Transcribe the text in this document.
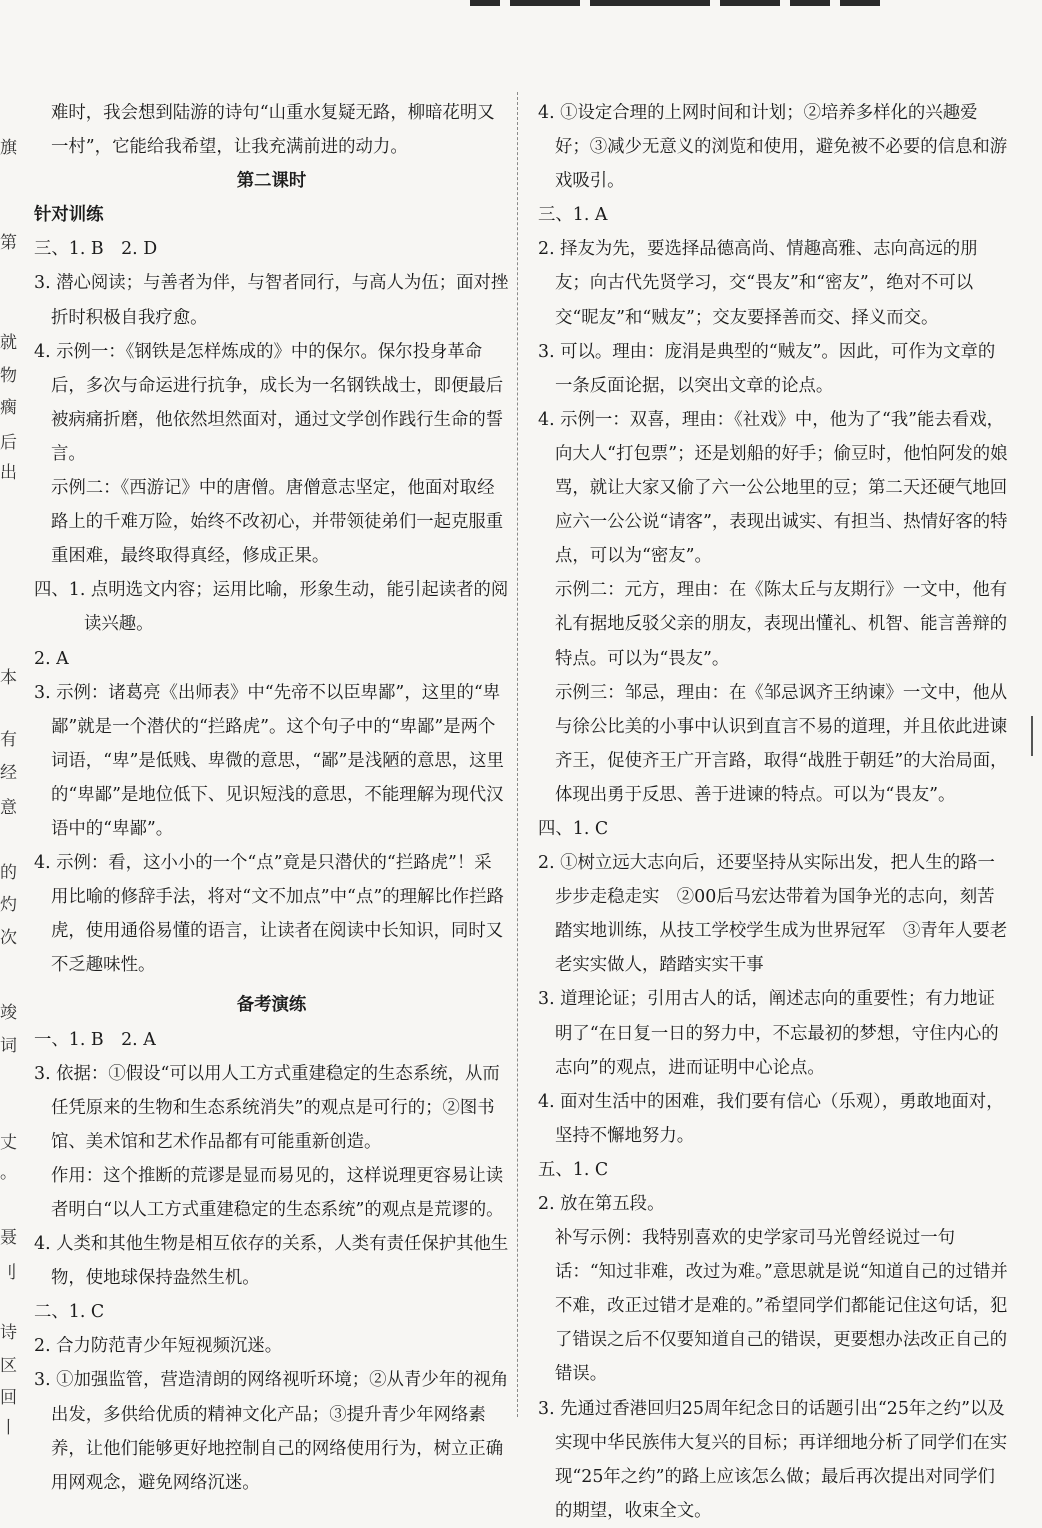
旗
第
就
物
瘸
后
出
本
有
经
意
的
灼
次
竣
词
丈
。
聂
刂
诗
区
回
丨

难时，我会想到陆游的诗句“山重水复疑无路，柳暗花明又一村”，它能给我希望，让我充满前进的动力。

第二课时

针对训练

三、1. B　2. D

3. 潜心阅读；与善者为伴，与智者同行，与高人为伍；面对挫折时积极自我疗愈。

4. 示例一：《钢铁是怎样炼成的》中的保尔。保尔投身革命后，多次与命运进行抗争，成长为一名钢铁战士，即便最后被病痛折磨，他依然坦然面对，通过文学创作践行生命的誓言。

示例二：《西游记》中的唐僧。唐僧意志坚定，他面对取经路上的千难万险，始终不改初心，并带领徒弟们一起克服重重困难，最终取得真经，修成正果。

四、1. 点明选文内容；运用比喻，形象生动，能引起读者的阅读兴趣。

2. A

3. 示例：诸葛亮《出师表》中“先帝不以臣卑鄙”，这里的“卑鄙”就是一个潜伏的“拦路虎”。这个句子中的“卑鄙”是两个词语，“卑”是低贱、卑微的意思，“鄙”是浅陋的意思，这里的“卑鄙”是地位低下、见识短浅的意思，不能理解为现代汉语中的“卑鄙”。

4. 示例：看，这小小的一个“点”竟是只潜伏的“拦路虎”！采用比喻的修辞手法，将对“文不加点”中“点”的理解比作拦路虎，使用通俗易懂的语言，让读者在阅读中长知识，同时又不乏趣味性。

备考演练

一、1. B　2. A

3. 依据：①假设“可以用人工方式重建稳定的生态系统，从而任凭原来的生物和生态系统消失”的观点是可行的；②图书馆、美术馆和艺术作品都有可能重新创造。

作用：这个推断的荒谬是显而易见的，这样说理更容易让读者明白“以人工方式重建稳定的生态系统”的观点是荒谬的。

4. 人类和其他生物是相互依存的关系，人类有责任保护其他生物，使地球保持盎然生机。

二、1. C

2. 合力防范青少年短视频沉迷。

3. ①加强监管，营造清朗的网络视听环境；②从青少年的视角出发，多供给优质的精神文化产品；③提升青少年网络素养，让他们能够更好地控制自己的网络使用行为，树立正确用网观念，避免网络沉迷。

4. ①设定合理的上网时间和计划；②培养多样化的兴趣爱好；③减少无意义的浏览和使用，避免被不必要的信息和游戏吸引。

三、1. A

2. 择友为先，要选择品德高尚、情趣高雅、志向高远的朋友；向古代先贤学习，交“畏友”和“密友”，绝对不可以交“昵友”和“贼友”；交友要择善而交、择义而交。

3. 可以。理由：庞涓是典型的“贼友”。因此，可作为文章的一条反面论据，以突出文章的论点。

4. 示例一：双喜，理由：《社戏》中，他为了“我”能去看戏，向大人“打包票”；还是划船的好手；偷豆时，他怕阿发的娘骂，就让大家又偷了六一公公地里的豆；第二天还硬气地回应六一公公说“请客”，表现出诚实、有担当、热情好客的特点，可以为“密友”。

示例二：元方，理由：在《陈太丘与友期行》一文中，他有礼有据地反驳父亲的朋友，表现出懂礼、机智、能言善辩的特点。可以为“畏友”。

示例三：邹忌，理由：在《邹忌讽齐王纳谏》一文中，他从与徐公比美的小事中认识到直言不易的道理，并且依此进谏齐王，促使齐王广开言路，取得“战胜于朝廷”的大治局面，体现出勇于反思、善于进谏的特点。可以为“畏友”。

四、1. C

2. ①树立远大志向后，还要坚持从实际出发，把人生的路一步步走稳走实　②00后马宏达带着为国争光的志向，刻苦踏实地训练，从技工学校学生成为世界冠军　③青年人要老老实实做人，踏踏实实干事

3. 道理论证；引用古人的话，阐述志向的重要性；有力地证明了“在日复一日的努力中，不忘最初的梦想，守住内心的志向”的观点，进而证明中心论点。

4. 面对生活中的困难，我们要有信心（乐观），勇敢地面对，坚持不懈地努力。

五、1. C

2. 放在第五段。

补写示例：我特别喜欢的史学家司马光曾经说过一句话：“知过非难，改过为难。”意思就是说“知道自己的过错并不难，改正过错才是难的。”希望同学们都能记住这句话，犯了错误之后不仅要知道自己的错误，更要想办法改正自己的错误。

3. 先通过香港回归25周年纪念日的话题引出“25年之约”以及实现中华民族伟大复兴的目标；再详细地分析了同学们在实现“25年之约”的路上应该怎么做；最后再次提出对同学们的期望，收束全文。
